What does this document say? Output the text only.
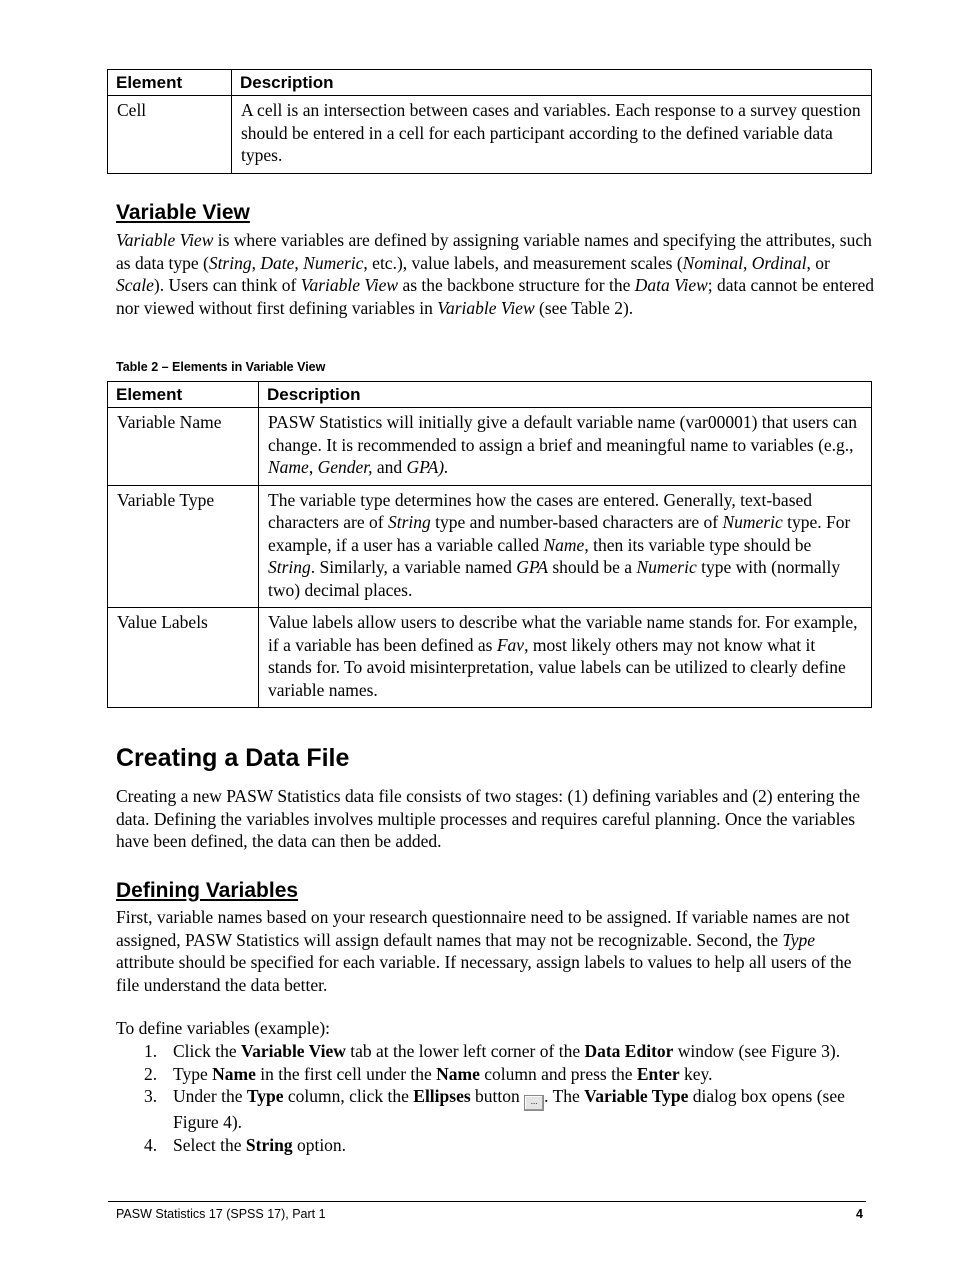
Element	Description
Cell	A cell is an intersection between cases and variables. Each response to a survey question should be entered in a cell for each participant according to the defined variable data types.
Variable View

Variable View is where variables are defined by assigning variable names and specifying the attributes, such as data type (String, Date, Numeric, etc.), value labels, and measurement scales (Nominal, Ordinal, or Scale). Users can think of Variable View as the backbone structure for the Data View; data cannot be entered nor viewed without first defining variables in Variable View (see Table 2).

Table 2 – Elements in Variable View

Element	Description
Variable Name	PASW Statistics will initially give a default variable name (var00001) that users can change. It is recommended to assign a brief and meaningful name to variables (e.g., Name, Gender, and GPA).
Variable Type	The variable type determines how the cases are entered. Generally, text-based characters are of String type and number-based characters are of Numeric type. For example, if a user has a variable called Name, then its variable type should be String. Similarly, a variable named GPA should be a Numeric type with (normally two) decimal places.
Value Labels	Value labels allow users to describe what the variable name stands for. For example, if a variable has been defined as Fav, most likely others may not know what it stands for. To avoid misinterpretation, value labels can be utilized to clearly define variable names.
Creating a Data File

Creating a new PASW Statistics data file consists of two stages: (1) defining variables and (2) entering the data. Defining the variables involves multiple processes and requires careful planning. Once the variables have been defined, the data can then be added.

Defining Variables

First, variable names based on your research questionnaire need to be assigned. If variable names are not assigned, PASW Statistics will assign default names that may not be recognizable. Second, the Type attribute should be specified for each variable. If necessary, assign labels to values to help all users of the file understand the data better.

To define variables (example):

1. Click the Variable View tab at the lower left corner of the Data Editor window (see Figure 3).
2. Type Name in the first cell under the Name column and press the Enter key.
3. Under the Type column, click the Ellipses button ... . The Variable Type dialog box opens (see Figure 4).
4. Select the String option.
PASW Statistics 17 (SPSS 17), Part 1	4
